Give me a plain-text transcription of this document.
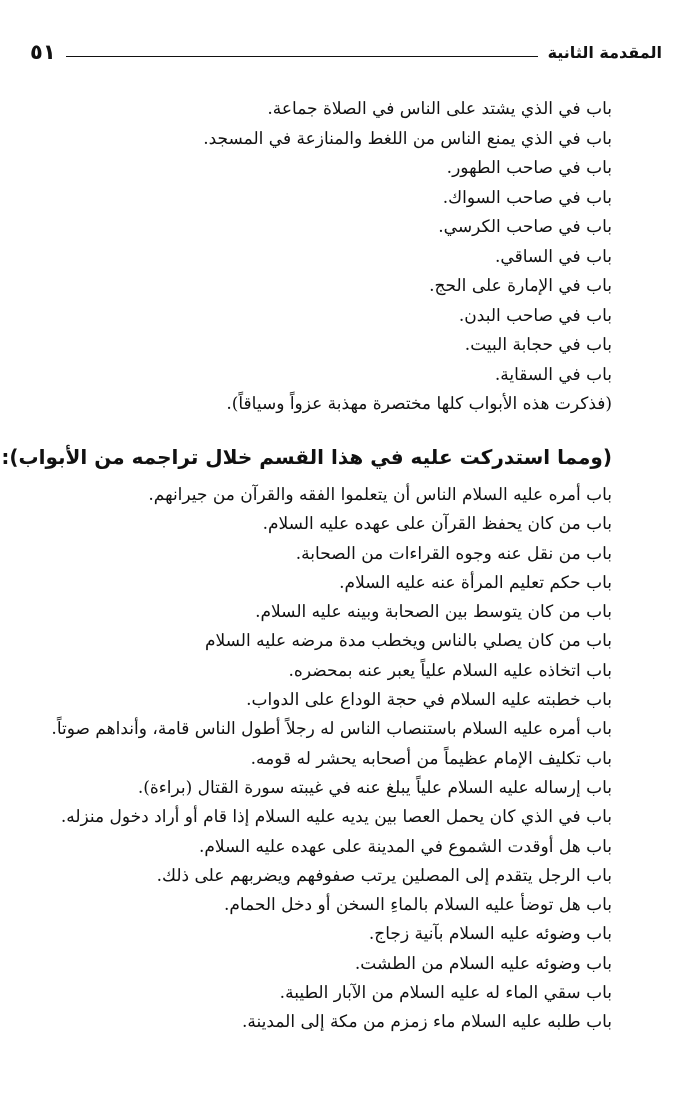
المقدمة الثانية
٥١
باب في الذي يشتد على الناس في الصلاة جماعة.
باب في الذي يمنع الناس من اللغط والمنازعة في المسجد.
باب في صاحب الطهور.
باب في صاحب السواك.
باب في صاحب الكرسي.
باب في الساقي.
باب في الإمارة على الحج.
باب في صاحب البدن.
باب في حجابة البيت.
باب في السقاية.
(فذكرت هذه الأبواب كلها مختصرة مهذبة عزواً وسياقاً).
(ومما استدركت عليه في هذا القسم خلال تراجمه من الأبواب):
باب أمره عليه السلام الناس أن يتعلموا الفقه والقرآن من جيرانهم.
باب من كان يحفظ القرآن على عهده عليه السلام.
باب من نقل عنه وجوه القراءات من الصحابة.
باب حكم تعليم المرأة عنه عليه السلام.
باب من كان يتوسط بين الصحابة وبينه عليه السلام.
باب من كان يصلي بالناس ويخطب مدة مرضه عليه السلام
باب اتخاذه عليه السلام علياً يعبر عنه بمحضره.
باب خطبته عليه السلام في حجة الوداع على الدواب.
باب أمره عليه السلام باستنصاب الناس له رجلاً أطول الناس قامة، وأنداهم صوتاً.
باب تكليف الإمام عظيماً من أصحابه يحشر له قومه.
باب إرساله عليه السلام علياً يبلغ عنه في غيبته سورة القتال (براءة).
باب في الذي كان يحمل العصا بين يديه عليه السلام إذا قام أو أراد دخول منزله.
باب هل أوقدت الشموع في المدينة على عهده عليه السلام.
باب الرجل يتقدم إلى المصلين يرتب صفوفهم ويضربهم على ذلك.
باب هل توضأ عليه السلام بالماءِ السخن أو دخل الحمام.
باب وضوئه عليه السلام بآنية زجاج.
باب وضوئه عليه السلام من الطشت.
باب سقي الماء له عليه السلام من الآبار الطيبة.
باب طلبه عليه السلام ماء زمزم من مكة إلى المدينة.
